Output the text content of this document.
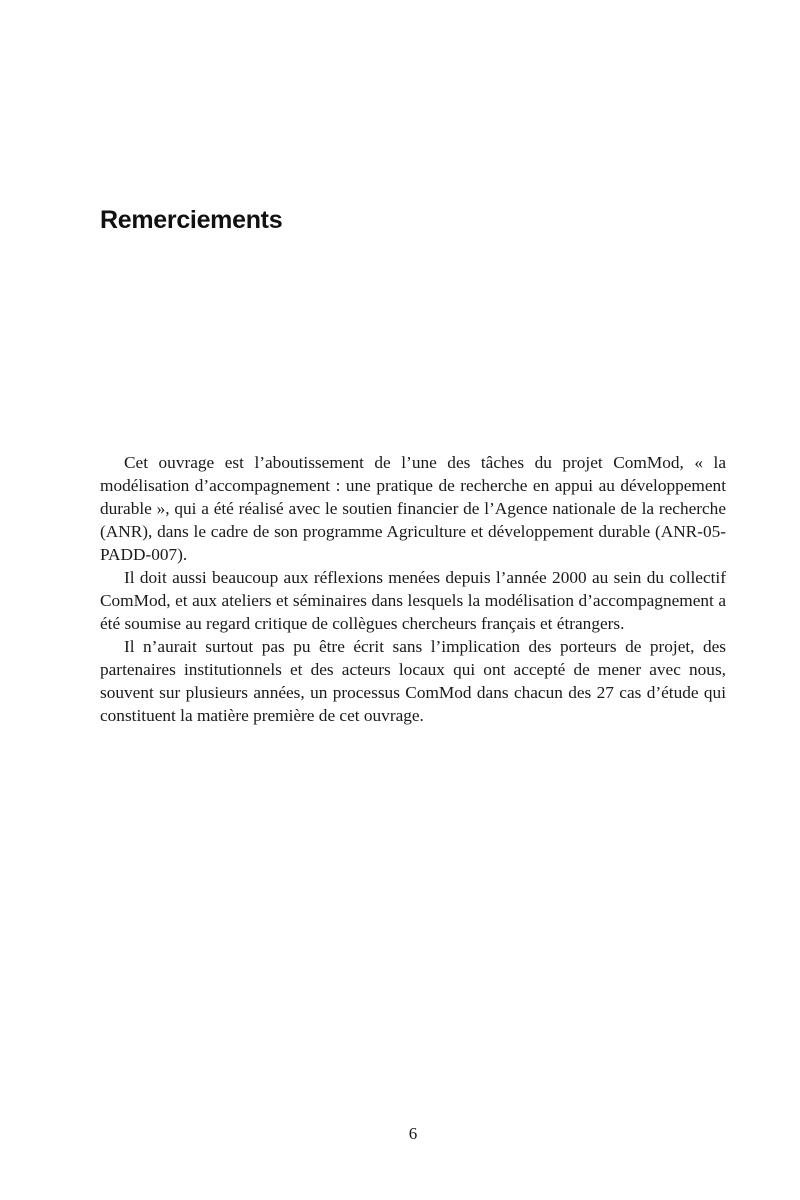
Remerciements

Cet ouvrage est l’aboutissement de l’une des tâches du projet ComMod, « la modélisation d’accompagnement : une pratique de recherche en appui au développement durable », qui a été réalisé avec le soutien financier de l’Agence nationale de la recherche (ANR), dans le cadre de son programme Agriculture et développement durable (ANR-05-PADD-007).

Il doit aussi beaucoup aux réflexions menées depuis l’année 2000 au sein du collectif ComMod, et aux ateliers et séminaires dans lesquels la modélisation d’accompagnement a été soumise au regard critique de collègues chercheurs français et étrangers.

Il n’aurait surtout pas pu être écrit sans l’implication des porteurs de projet, des partenaires institutionnels et des acteurs locaux qui ont accepté de mener avec nous, souvent sur plusieurs années, un processus ComMod dans chacun des 27 cas d’étude qui constituent la matière première de cet ouvrage.

6
